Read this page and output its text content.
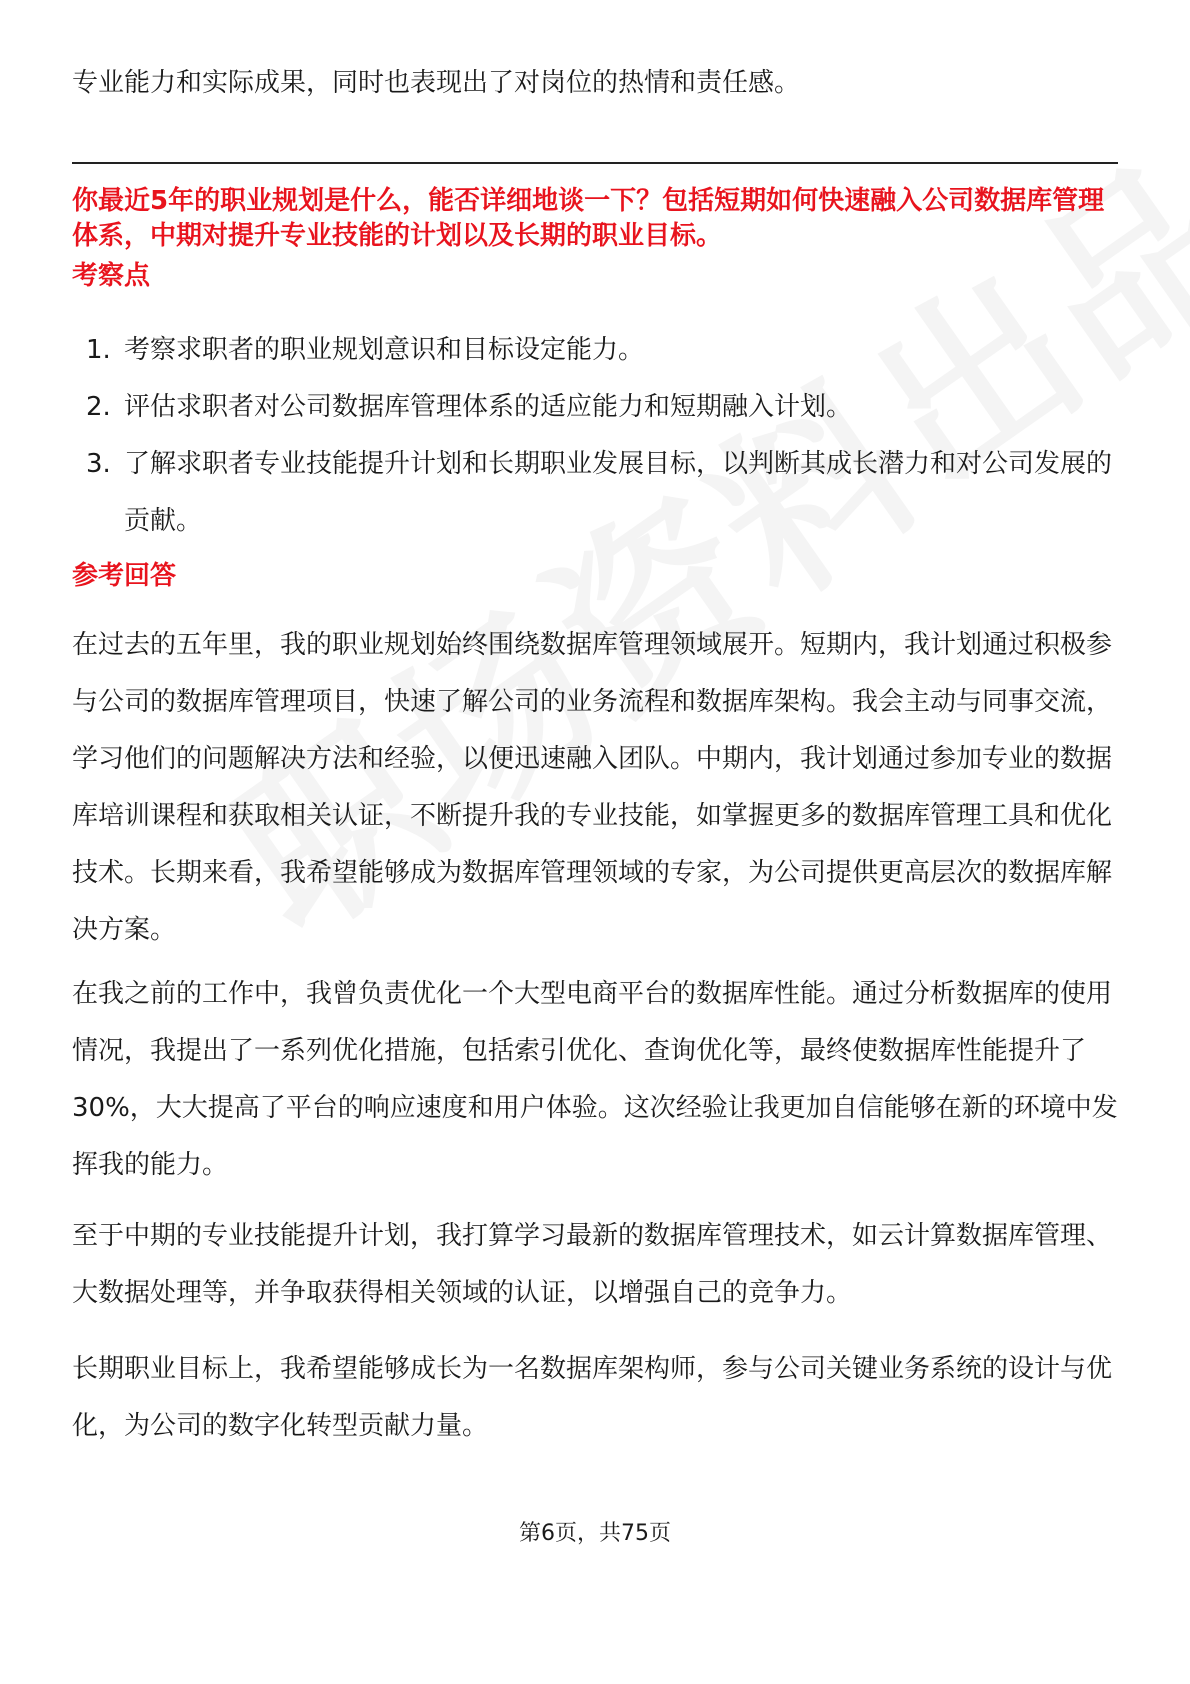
专业能力和实际成果，同时也表现出了对岗位的热情和责任感。

你最近5年的职业规划是什么，能否详细地谈一下？包括短期如何快速融入公司数据库管理体系，中期对提升专业技能的计划以及长期的职业目标。

考察点
1. 考察求职者的职业规划意识和目标设定能力。
2. 评估求职者对公司数据库管理体系的适应能力和短期融入计划。
3. 了解求职者专业技能提升计划和长期职业发展目标，以判断其成长潜力和对公司发展的贡献。
参考回答

在过去的五年里，我的职业规划始终围绕数据库管理领域展开。短期内，我计划通过积极参与公司的数据库管理项目，快速了解公司的业务流程和数据库架构。我会主动与同事交流，学习他们的问题解决方法和经验，以便迅速融入团队。中期内，我计划通过参加专业的数据库培训课程和获取相关认证，不断提升我的专业技能，如掌握更多的数据库管理工具和优化技术。长期来看，我希望能够成为数据库管理领域的专家，为公司提供更高层次的数据库解决方案。

在我之前的工作中，我曾负责优化一个大型电商平台的数据库性能。通过分析数据库的使用情况，我提出了一系列优化措施，包括索引优化、查询优化等，最终使数据库性能提升了30%，大大提高了平台的响应速度和用户体验。这次经验让我更加自信能够在新的环境中发挥我的能力。

至于中期的专业技能提升计划，我打算学习最新的数据库管理技术，如云计算数据库管理、大数据处理等，并争取获得相关领域的认证，以增强自己的竞争力。

长期职业目标上，我希望能够成长为一名数据库架构师，参与公司关键业务系统的设计与优化，为公司的数字化转型贡献力量。

第6页，共75页
